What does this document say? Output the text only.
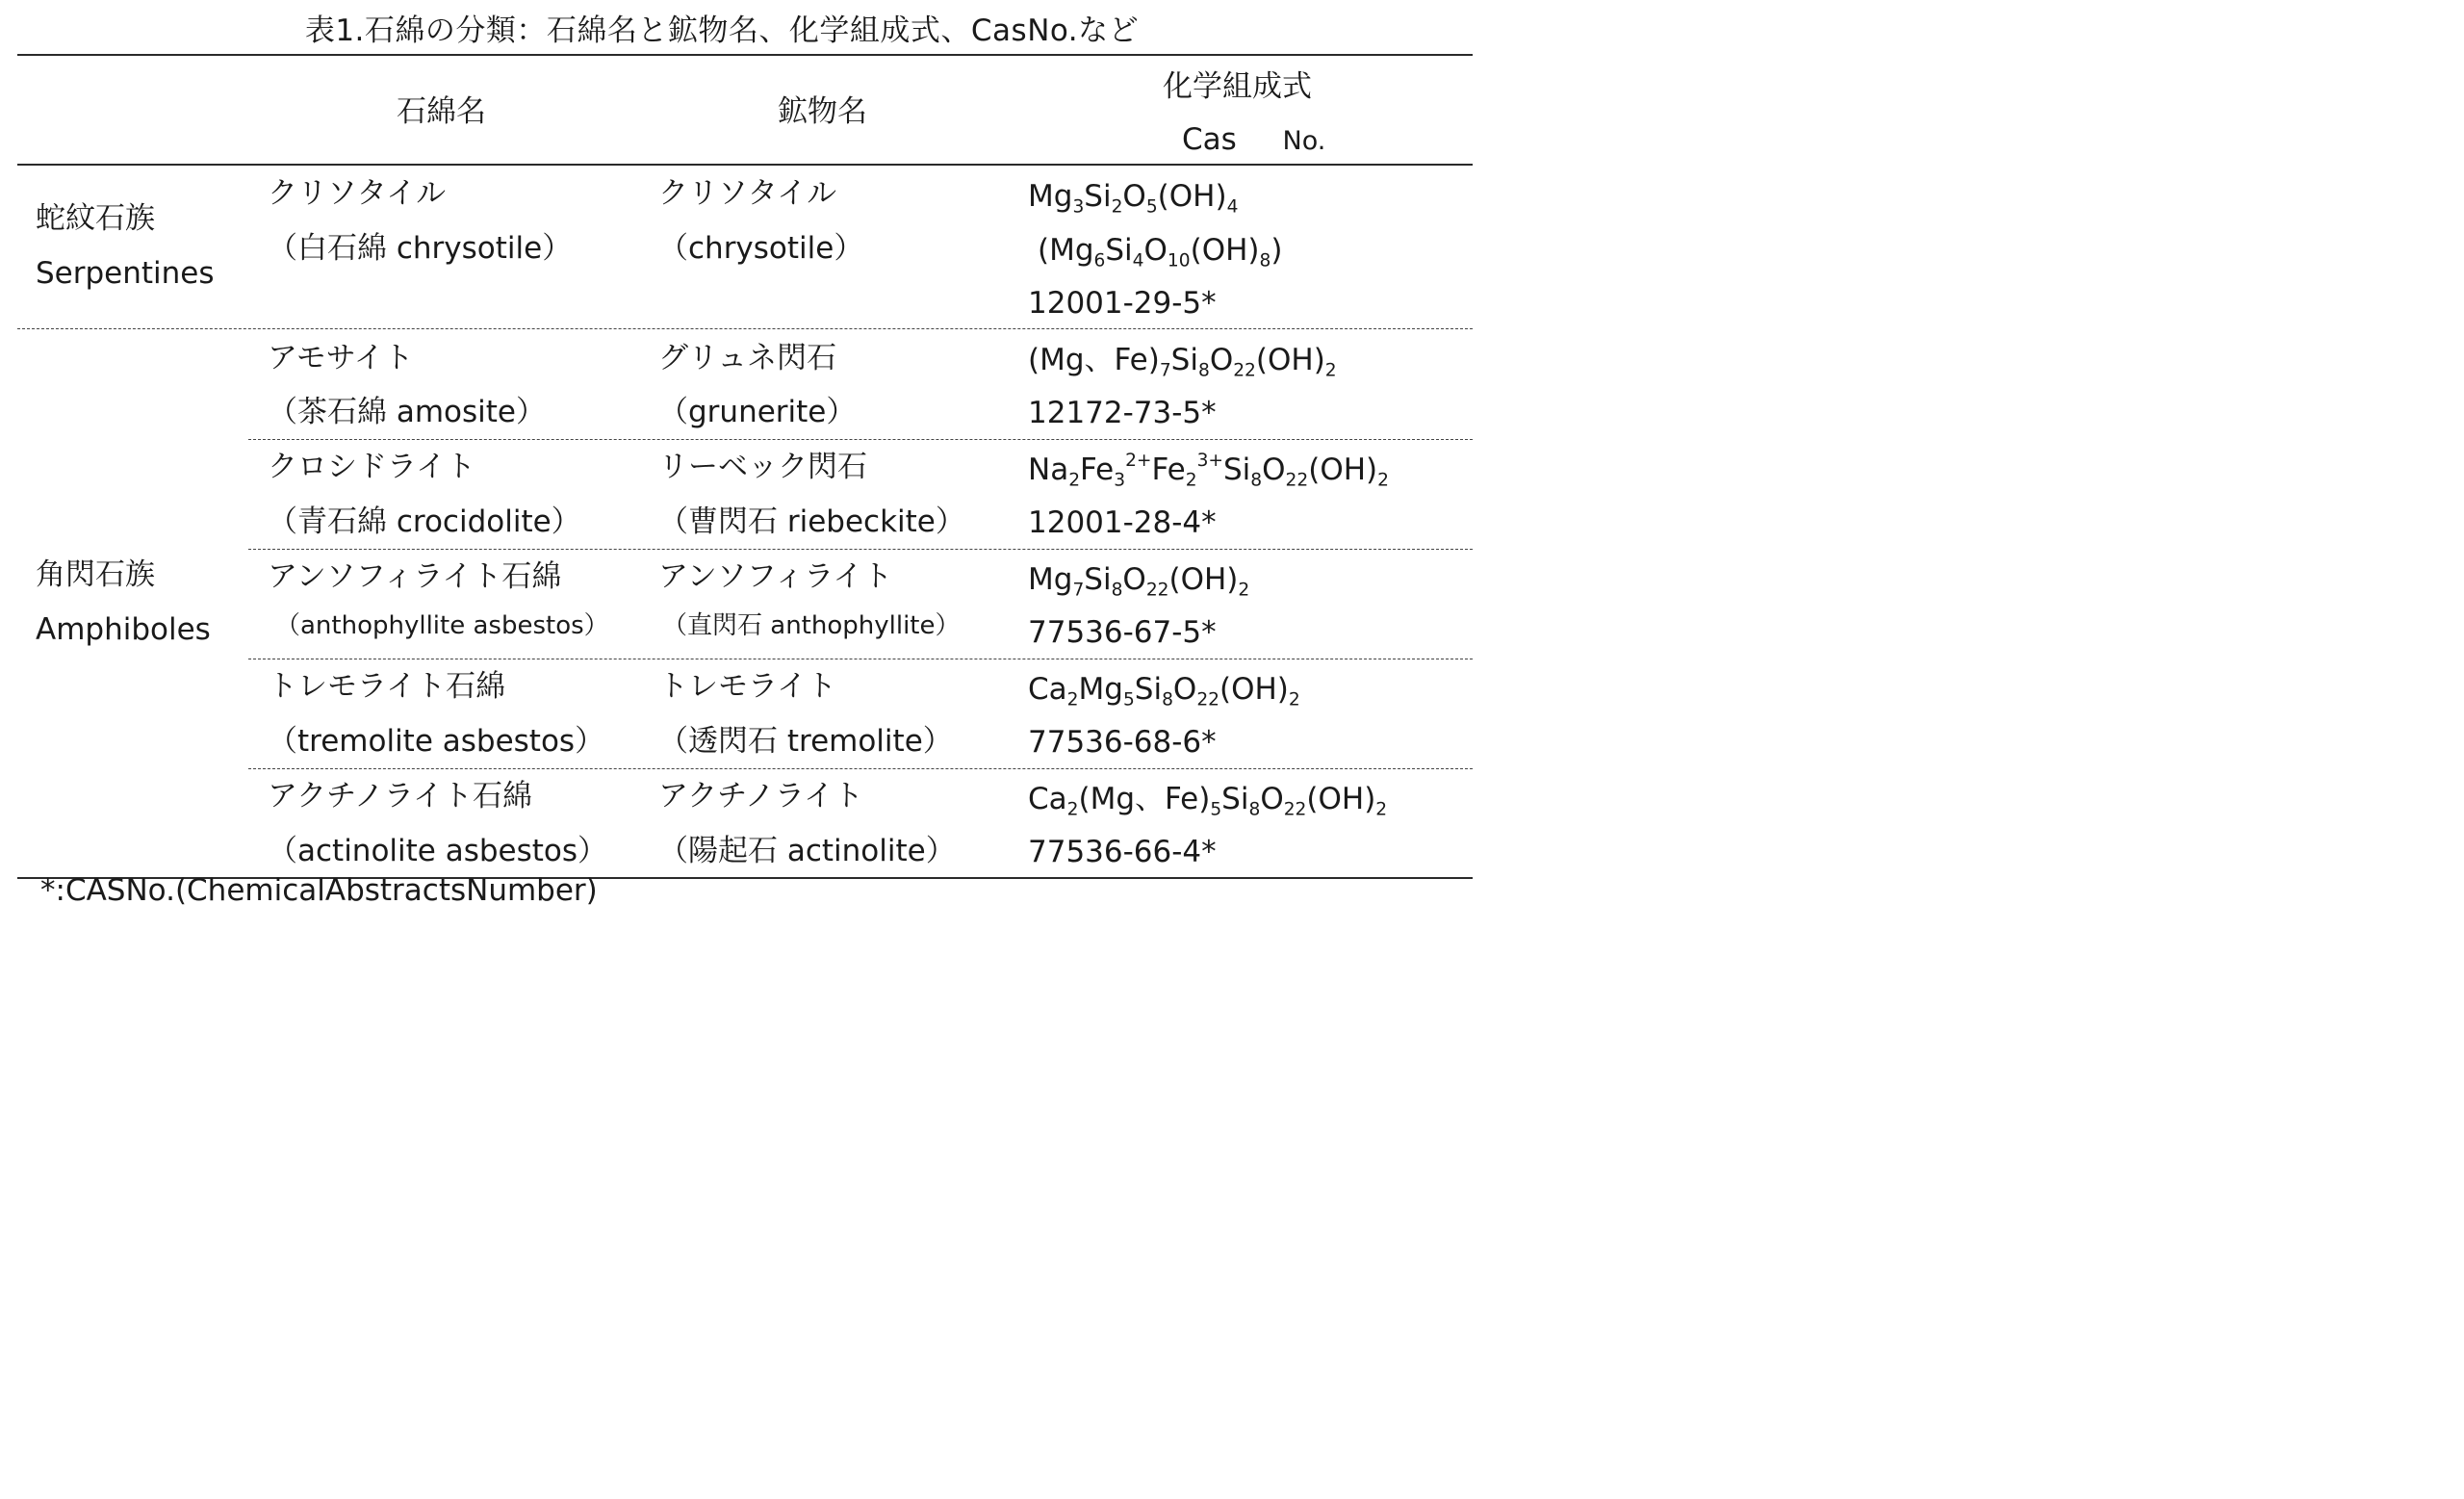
表1.石綿の分類：石綿名と鉱物名、化学組成式、CasNo.など
石綿名	鉱物名
化学組成式
Cas No.
蛇紋石族
Serpentines
角閃石族
Amphiboles
クリソタイル
（白石綿 chrysotile）
クリソタイル
（chrysotile）
$Mg_3Si_2O_5(OH)_4$
$(Mg_6Si_4O_{10}(OH)_8)$
12001-29-5*
アモサイト
（茶石綿 amosite）
グリュネ閃石
（grunerite）
(Mg、$Fe)_7Si_8O_{22}(OH)_2$
12172-73-5*
クロシドライト
（青石綿 crocidolite）
リーベック閃石
（曹閃石 riebeckite）
$Na_2Fe_3^{2+}Fe_2^{3+}Si_8O_{22}(OH)_2$
12001-28-4*
アンソフィライト石綿
（anthophyllite asbestos）
アンソフィライト
（直閃石 anthophyllite）
$Mg_7Si_8O_{22}(OH)_2$
77536-67-5*
トレモライト石綿
（tremolite asbestos）
トレモライト
（透閃石 tremolite）
$Ca_2Mg_5Si_8O_{22}(OH)_2$
77536-68-6*
アクチノライト石綿
（actinolite asbestos）
アクチノライト
（陽起石 actinolite）
$Ca_2(Mg$、$Fe)_5Si_8O_{22}(OH)_2$
77536-66-4*
*:CASNo.(ChemicalAbstractsNumber)
